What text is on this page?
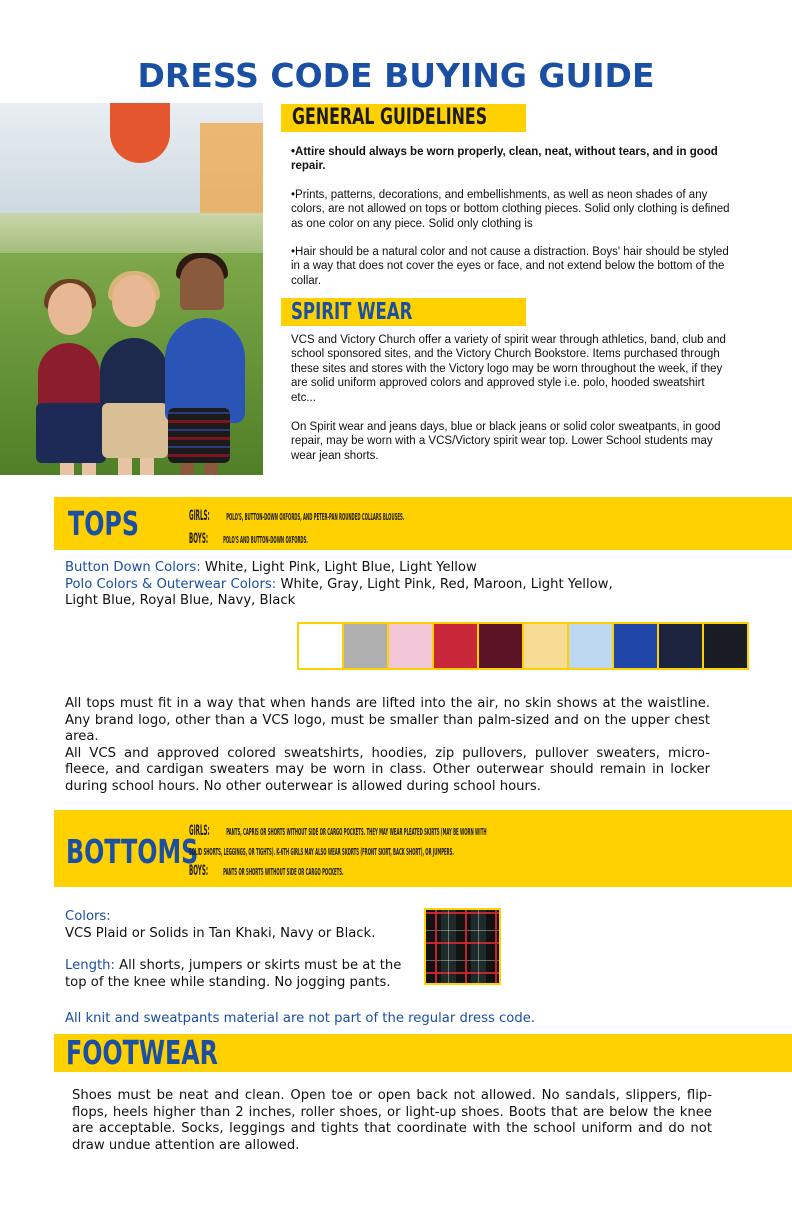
DRESS CODE BUYING GUIDE
GENERAL GUIDELINES

•Attire should always be worn properly, clean, neat, without tears, and in good repair.

•Prints, patterns, decorations, and embellishments, as well as neon shades of any colors, are not allowed on tops or bottom clothing pieces. Solid only clothing is defined as one color on any piece. Solid only clothing is

•Hair should be a natural color and not cause a distraction. Boys' hair should be styled in a way that does not cover the eyes or face, and not extend below the bottom of the collar.

SPIRIT WEAR

VCS and Victory Church offer a variety of spirit wear through athletics, band, club and school sponsored sites, and the Victory Church Bookstore. Items purchased through these sites and stores with the Victory logo may be worn throughout the week, if they are solid uniform approved colors and approved style i.e. polo, hooded sweatshirt etc...

On Spirit wear and jeans days, blue or black jeans or solid color sweatpants, in good repair, may be worn with a VCS/Victory spirit wear top. Lower School students may wear jean shorts.

TOPS	GIRLS: POLO'S, BUTTON-DOWN OXFORDS, AND PETER-PAN ROUNDED COLLARS BLOUSES.
BOYS: POLO'S AND BUTTON-DOWN OXFORDS.
Button Down Colors: White, Light Pink, Light Blue, Light Yellow
Polo Colors & Outerwear Colors: White, Gray, Light Pink, Red, Maroon, Light Yellow,
Light Blue, Royal Blue, Navy, Black

All tops must fit in a way that when hands are lifted into the air, no skin shows at the waistline. Any brand logo, other than a VCS logo, must be smaller than palm-sized and on the upper chest area.

All VCS and approved colored sweatshirts, hoodies, zip pullovers, pullover sweaters, micro-fleece, and cardigan sweaters may be worn in class. Other outerwear should remain in locker during school hours. No other outerwear is allowed during school hours.

BOTTOMS
GIRLS: PANTS, CAPRIS OR SHORTS WITHOUT SIDE OR CARGO POCKETS. THEY MAY WEAR PLEATED SKIRTS (MAY BE WORN WITH
SOLID SHORTS, LEGGINGS, OR TIGHTS). K-6TH GIRLS MAY ALSO WEAR SKORTS (FRONT SKIRT, BACK SHORT), OR JUMPERS.
BOYS: PANTS OR SHORTS WITHOUT SIDE OR CARGO POCKETS.

Colors:

VCS Plaid or Solids in Tan Khaki, Navy or Black.

Length: All shorts, jumpers or skirts must be at the top of the knee while standing. No jogging pants.

All knit and sweatpants material are not part of the regular dress code.

FOOTWEAR

Shoes must be neat and clean. Open toe or open back not allowed. No sandals, slippers, flip-flops, heels higher than 2 inches, roller shoes, or light-up shoes. Boots that are below the knee are acceptable. Socks, leggings and tights that coordinate with the school uniform and do not draw undue attention are allowed.
